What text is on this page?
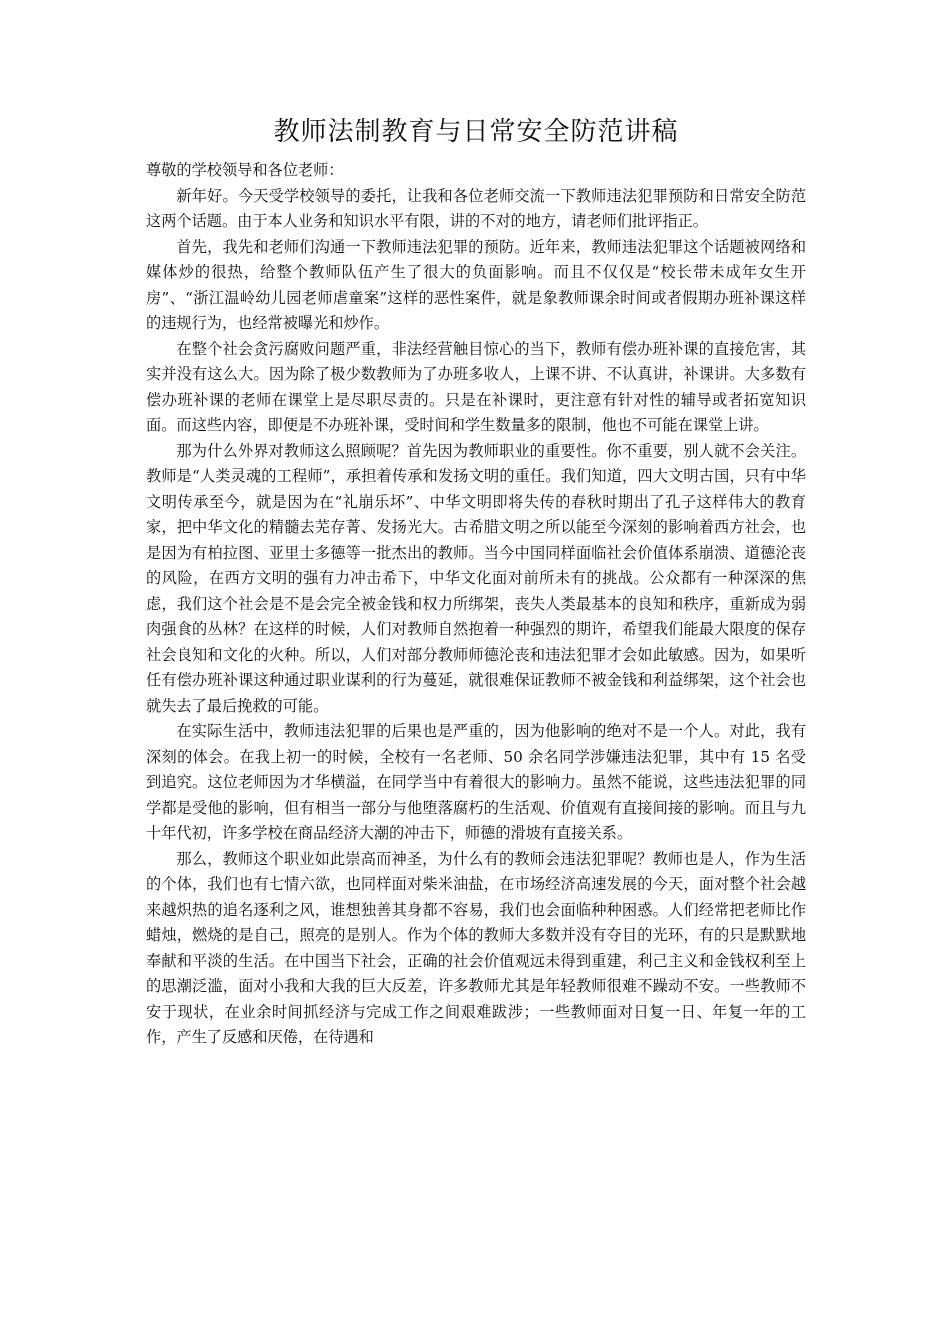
教师法制教育与日常安全防范讲稿

尊敬的学校领导和各位老师：

新年好。今天受学校领导的委托，让我和各位老师交流一下教师违法犯罪预防和日常安全防范这两个话题。由于本人业务和知识水平有限，讲的不对的地方，请老师们批评指正。

首先，我先和老师们沟通一下教师违法犯罪的预防。近年来，教师违法犯罪这个话题被网络和媒体炒的很热，给整个教师队伍产生了很大的负面影响。而且不仅仅是“校长带未成年女生开房”、“浙江温岭幼儿园老师虐童案”这样的恶性案件，就是象教师课余时间或者假期办班补课这样的违规行为，也经常被曝光和炒作。

在整个社会贪污腐败问题严重，非法经营触目惊心的当下，教师有偿办班补课的直接危害，其实并没有这么大。因为除了极少数教师为了办班多收人，上课不讲、不认真讲，补课讲。大多数有偿办班补课的老师在课堂上是尽职尽责的。只是在补课时，更注意有针对性的辅导或者拓宽知识面。而这些内容，即便是不办班补课，受时间和学生数量多的限制，他也不可能在课堂上讲。

那为什么外界对教师这么照顾呢？首先因为教师职业的重要性。你不重要，别人就不会关注。教师是“人类灵魂的工程师”，承担着传承和发扬文明的重任。我们知道，四大文明古国，只有中华文明传承至今，就是因为在“礼崩乐坏”、中华文明即将失传的春秋时期出了孔子这样伟大的教育家，把中华文化的精髓去芜存菁、发扬光大。古希腊文明之所以能至今深刻的影响着西方社会，也是因为有柏拉图、亚里士多德等一批杰出的教师。当今中国同样面临社会价值体系崩溃、道德沦丧的风险，在西方文明的强有力冲击希下，中华文化面对前所未有的挑战。公众都有一种深深的焦虑，我们这个社会是不是会完全被金钱和权力所绑架，丧失人类最基本的良知和秩序，重新成为弱肉强食的丛林？在这样的时候，人们对教师自然抱着一种强烈的期许，希望我们能最大限度的保存社会良知和文化的火种。所以，人们对部分教师师德沦丧和违法犯罪才会如此敏感。因为，如果听任有偿办班补课这种通过职业谋利的行为蔓延，就很难保证教师不被金钱和利益绑架，这个社会也就失去了最后挽救的可能。

在实际生活中，教师违法犯罪的后果也是严重的，因为他影响的绝对不是一个人。对此，我有深刻的体会。在我上初一的时候，全校有一名老师、50 余名同学涉嫌违法犯罪，其中有 15 名受到追究。这位老师因为才华横溢，在同学当中有着很大的影响力。虽然不能说，这些违法犯罪的同学都是受他的影响，但有相当一部分与他堕落腐朽的生活观、价值观有直接间接的影响。而且与九十年代初，许多学校在商品经济大潮的冲击下，师德的滑坡有直接关系。

那么，教师这个职业如此崇高而神圣，为什么有的教师会违法犯罪呢？教师也是人，作为生活的个体，我们也有七情六欲，也同样面对柴米油盐，在市场经济高速发展的今天，面对整个社会越来越炽热的追名逐利之风，谁想独善其身都不容易，我们也会面临种种困惑。人们经常把老师比作蜡烛，燃烧的是自己，照亮的是别人。作为个体的教师大多数并没有夺目的光环，有的只是默默地奉献和平淡的生活。在中国当下社会，正确的社会价值观远未得到重建，利己主义和金钱权利至上的思潮泛滥，面对小我和大我的巨大反差，许多教师尤其是年轻教师很难不躁动不安。一些教师不安于现状，在业余时间抓经济与完成工作之间艰难跋涉；一些教师面对日复一日、年复一年的工作，产生了反感和厌倦，在待遇和
